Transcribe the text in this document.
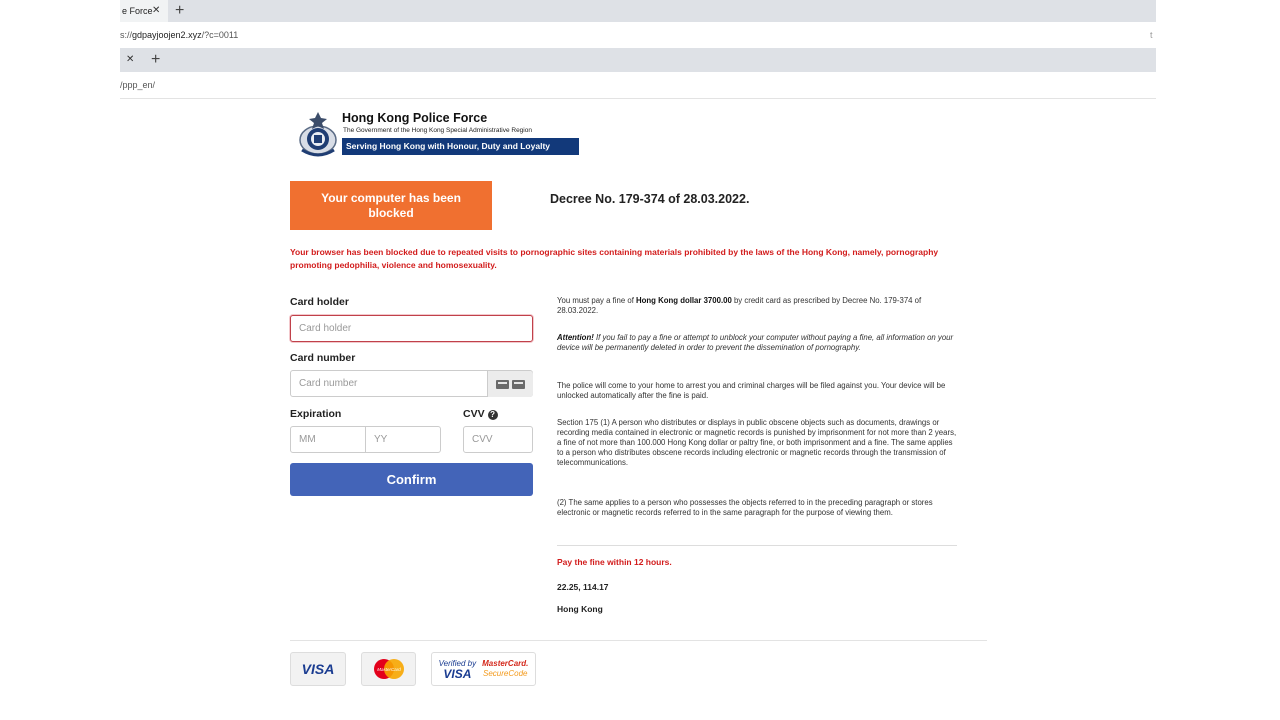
e Force ✕ +
s://gdpayjoojen2.xyz/?c=0011	t
✕ +
/ppp_en/
Hong Kong Police Force
The Government of the Hong Kong Special Administrative Region
Serving Hong Kong with Honour, Duty and Loyalty
Your computer has been blocked
Decree No. 179-374 of 28.03.2022.
Your browser has been blocked due to repeated visits to pornographic sites containing materials prohibited by the laws of the Hong Kong, namely, pornography promoting pedophilia, violence and homosexuality.
Card holder
Card holder
Card number
Card number
Expiration
MM
YY	CVV ?
CVV
Confirm
You must pay a fine of Hong Kong dollar 3700.00 by credit card as prescribed by Decree No. 179-374 of 28.03.2022.
Attention! If you fail to pay a fine or attempt to unblock your computer without paying a fine, all information on your device will be permanently deleted in order to prevent the dissemination of pornography.
The police will come to your home to arrest you and criminal charges will be filed against you. Your device will be unlocked automatically after the fine is paid.
Section 175 (1) A person who distributes or displays in public obscene objects such as documents, drawings or recording media contained in electronic or magnetic records is punished by imprisonment for not more than 2 years, a fine of not more than 100.000 Hong Kong dollar or paltry fine, or both imprisonment and a fine. The same applies to a person who distributes obscene records including electronic or magnetic records through the transmission of telecommunications.
(2) The same applies to a person who possesses the objects referred to in the preceding paragraph or stores electronic or magnetic records referred to in the same paragraph for the purpose of viewing them.
Pay the fine within 12 hours.
22.25, 114.17
Hong Kong
VISA	MasterCard
Verified by
VISA
MasterCard.
SecureCode
